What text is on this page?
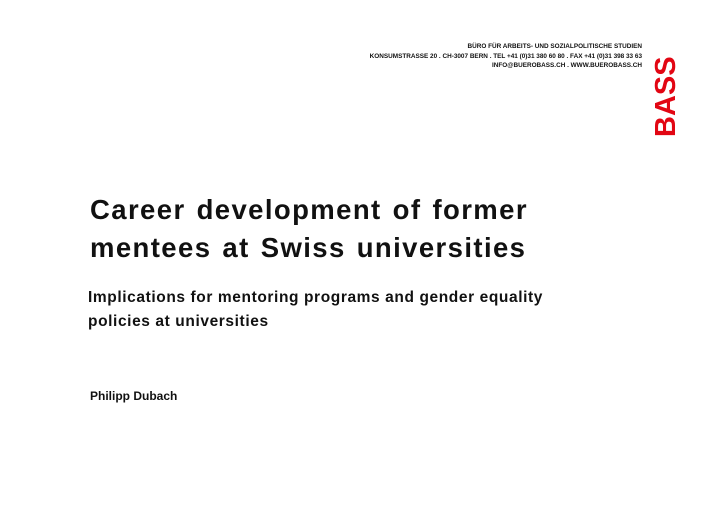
BÜRO FÜR ARBEITS- UND SOZIALPOLITISCHE STUDIEN
KONSUMSTRASSE 20 . CH-3007 BERN . TEL +41 (0)31 380 60 80 . FAX +41 (0)31 398 33 63
INFO@BUEROBASS.CH . WWW.BUEROBASS.CH BASS
Career development of former
mentees at Swiss universities
Implications for mentoring programs and gender equality
policies at universities
Philipp Dubach
